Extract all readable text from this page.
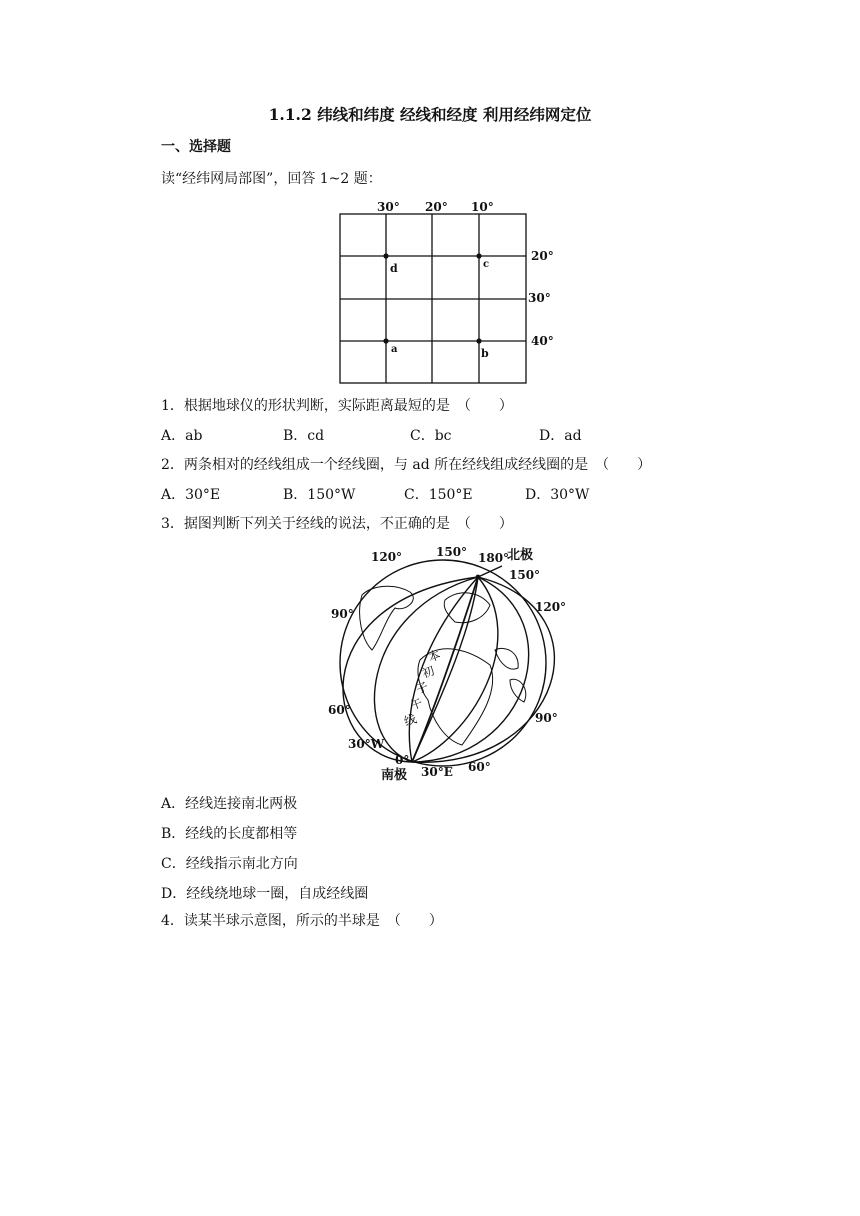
1.1.2 纬线和纬度 经线和经度 利用经纬网定位
一、选择题
读“经纬网局部图”，回答 1~2 题：
30° 20° 10°
20°
30°
40°
d	c
a	b
1．根据地球仪的形状判断，实际距离最短的是　（　　）
A．ab	B．cd	C．bc	D．ad
2．两条相对的经线组成一个经线圈，与 ad 所在经线组成经线圈的是　（　　）
A．30°E	B．150°W	C．150°E	D．30°W
3．据图判断下列关于经线的说法，不正确的是　（　　）
120°	150° 180°
北极
150°
120°
90°
60°
90°
30°W
0°
南极 30°E 60°
本
初
子
午
线
A．经线连接南北两极
B．经线的长度都相等
C．经线指示南北方向
D．经线绕地球一圈，自成经线圈
4．读某半球示意图，所示的半球是　（　　）
